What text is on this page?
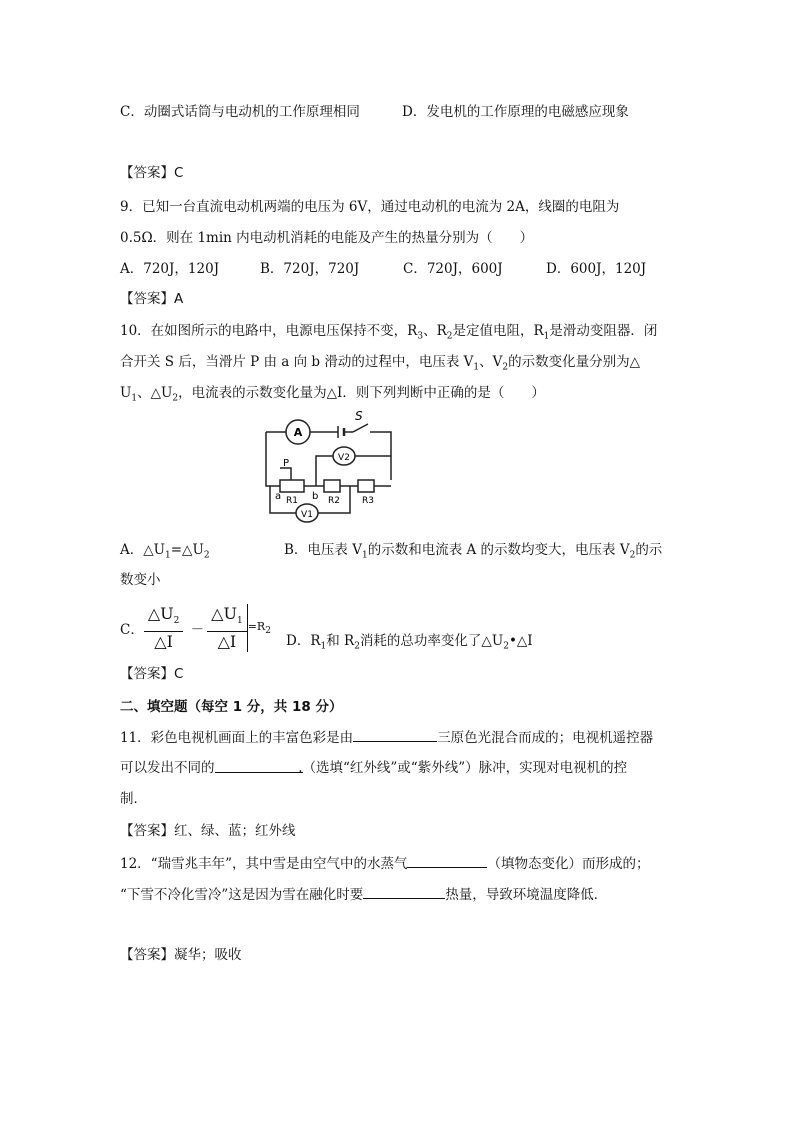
C．动圈式话筒与电动机的工作原理相同	D．发电机的工作原理的电磁感应现象
【答案】C
9．已知一台直流电动机两端的电压为 6V，通过电动机的电流为 2A，线圈的电阻为
0.5Ω．则在 1min 内电动机消耗的电能及产生的热量分别为（　　）
A．720J，120J	B．720J，720J	C．720J，600J	D．600J，120J
【答案】A
10．在如图所示的电路中，电源电压保持不变，$R_3$、$R_2$是定值电阻，$R_1$是滑动变阻器．闭
合开关 S 后，当滑片 P 由 a 向 b 滑动的过程中，电压表 $V_1$、$V_2$的示数变化量分别为△
$U_1$、$\triangle U_2$，电流表的示数变化量为△I．则下列判断中正确的是（　　）
A
S
V2
V1
R1	R2 R3
P
a	b
A．$\triangle U_1=\triangle U_2$	B．电压表 $V_1$的示数和电流表 A 的示数均变大，电压表 $V_2$的示
数变小
C． $\frac{\triangle U_2}{\triangle I} - \frac{\triangle U_1}{\triangle I} =R_2$
D．$R_1$和 $R_2$消耗的总功率变化了$\triangle U_2•\triangle I$
【答案】C
二、填空题（每空 1 分，共 18 分）
11．彩色电视机画面上的丰富色彩是由	三原色光混合而成的；电视机遥控器
可以发出不同的	.（选填“红外线”或“紫外线”）脉冲，实现对电视机的控
制．
【答案】红、绿、蓝；红外线
12．“瑞雪兆丰年”，其中雪是由空气中的水蒸气	（填物态变化）而形成的；
“下雪不冷化雪冷”这是因为雪在融化时要	热量，导致环境温度降低．
【答案】凝华；吸收
